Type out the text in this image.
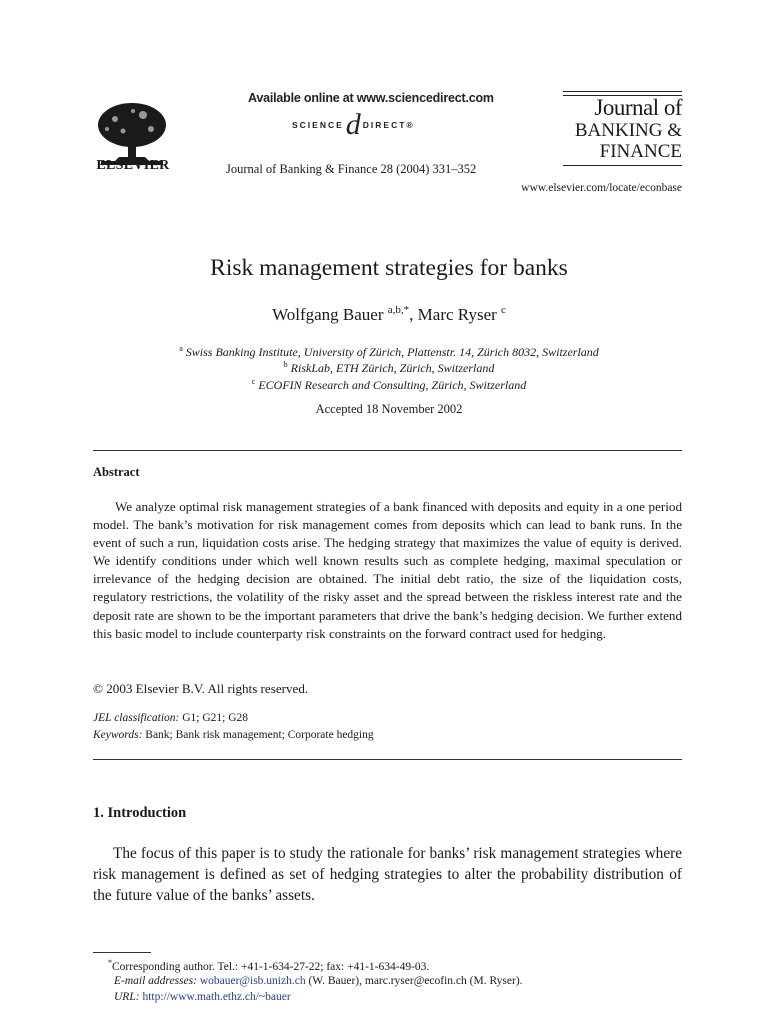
ELSEVIER
Available online at www.sciencedirect.com
SCIENCE d DIRECT®
Journal of Banking & Finance 28 (2004) 331–352
Journal of
BANKING &
FINANCE
www.elsevier.com/locate/econbase
Risk management strategies for banks
Wolfgang Bauer $^{a,b,*}$, Marc Ryser $^c$
$^a$ Swiss Banking Institute, University of Zürich, Plattenstr. 14, Zürich 8032, Switzerland
$^b$ RiskLab, ETH Zürich, Zürich, Switzerland
$^c$ ECOFIN Research and Consulting, Zürich, Switzerland
Accepted 18 November 2002
Abstract
We analyze optimal risk management strategies of a bank financed with deposits and equity in a one period model. The bank’s motivation for risk management comes from deposits which can lead to bank runs. In the event of such a run, liquidation costs arise. The hedging strategy that maximizes the value of equity is derived. We identify conditions under which well known results such as complete hedging, maximal speculation or irrelevance of the hedging decision are obtained. The initial debt ratio, the size of the liquidation costs, regulatory restrictions, the volatility of the risky asset and the spread between the riskless interest rate and the deposit rate are shown to be the important parameters that drive the bank’s hedging decision. We further extend this basic model to include counterparty risk constraints on the forward contract used for hedging.
© 2003 Elsevier B.V. All rights reserved.
JEL classification: G1; G21; G28
Keywords: Bank; Bank risk management; Corporate hedging
1. Introduction
The focus of this paper is to study the rationale for banks’ risk management strategies where risk management is defined as set of hedging strategies to alter the probability distribution of the future value of the banks’ assets.
*Corresponding author. Tel.: +41-1-634-27-22; fax: +41-1-634-49-03.
E-mail addresses: wobauer@isb.unizh.ch (W. Bauer), marc.ryser@ecofin.ch (M. Ryser).
URL: http://www.math.ethz.ch/~bauer
